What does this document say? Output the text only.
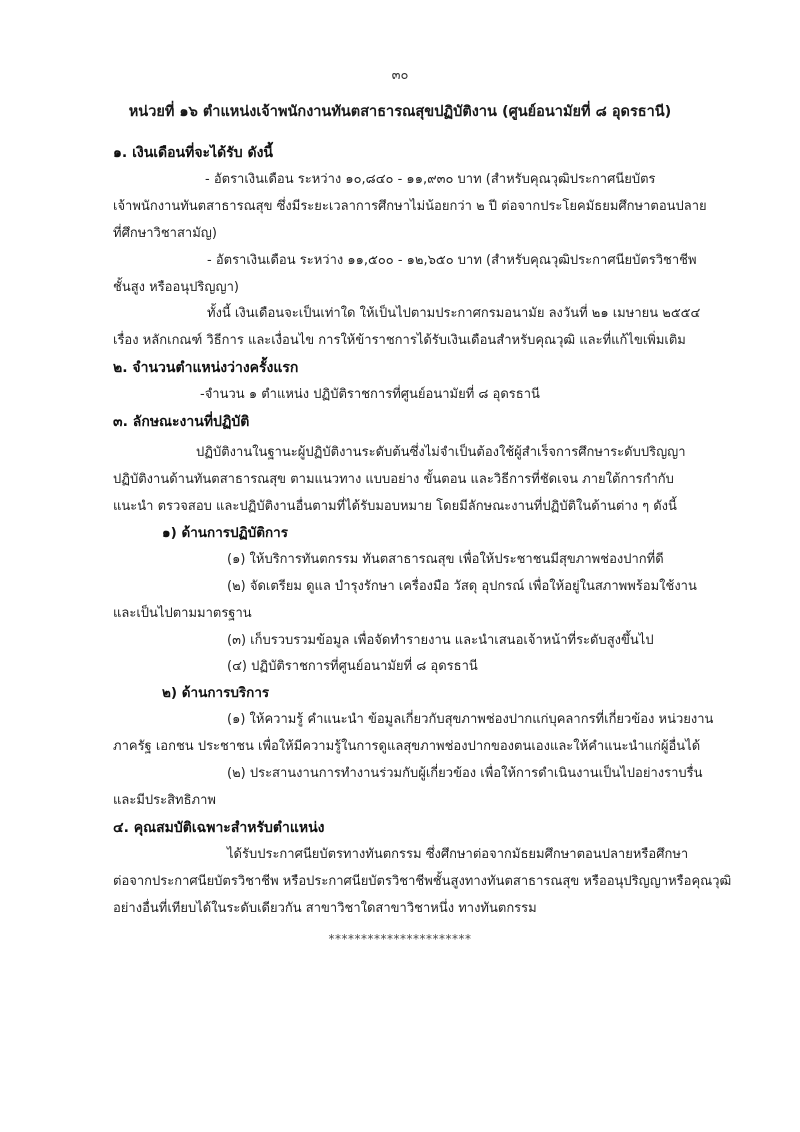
๓๐
หน่วยที่ ๑๖ ตำแหน่งเจ้าพนักงานทันตสาธารณสุขปฏิบัติงาน (ศูนย์อนามัยที่ ๘ อุดรธานี)
๑. เงินเดือนที่จะได้รับ ดังนี้
- อัตราเงินเดือน ระหว่าง ๑๐,๘๔๐ - ๑๑,๙๓๐ บาท (สำหรับคุณวุฒิประกาศนียบัตร
เจ้าพนักงานทันตสาธารณสุข ซึ่งมีระยะเวลาการศึกษาไม่น้อยกว่า ๒ ปี ต่อจากประโยคมัธยมศึกษาตอนปลาย
ที่ศึกษาวิชาสามัญ)
- อัตราเงินเดือน ระหว่าง ๑๑,๕๐๐ - ๑๒,๖๕๐ บาท (สำหรับคุณวุฒิประกาศนียบัตรวิชาชีพ
ชั้นสูง หรืออนุปริญญา)
ทั้งนี้ เงินเดือนจะเป็นเท่าใด ให้เป็นไปตามประกาศกรมอนามัย ลงวันที่ ๒๑ เมษายน ๒๕๕๔
เรื่อง หลักเกณฑ์ วิธีการ และเงื่อนไข การให้ข้าราชการได้รับเงินเดือนสำหรับคุณวุฒิ และที่แก้ไขเพิ่มเติม
๒. จำนวนตำแหน่งว่างครั้งแรก
-จำนวน ๑ ตำแหน่ง ปฏิบัติราชการที่ศูนย์อนามัยที่ ๘ อุดรธานี
๓. ลักษณะงานที่ปฏิบัติ
ปฏิบัติงานในฐานะผู้ปฏิบัติงานระดับต้นซึ่งไม่จำเป็นต้องใช้ผู้สำเร็จการศึกษาระดับปริญญา
ปฏิบัติงานด้านทันตสาธารณสุข ตามแนวทาง แบบอย่าง ขั้นตอน และวิธีการที่ชัดเจน ภายใต้การกำกับ
แนะนำ ตรวจสอบ และปฏิบัติงานอื่นตามที่ได้รับมอบหมาย โดยมีลักษณะงานที่ปฏิบัติในด้านต่าง ๆ ดังนี้
๑) ด้านการปฏิบัติการ
(๑) ให้บริการทันตกรรม ทันตสาธารณสุข เพื่อให้ประชาชนมีสุขภาพช่องปากที่ดี
(๒) จัดเตรียม ดูแล บำรุงรักษา เครื่องมือ วัสดุ อุปกรณ์ เพื่อให้อยู่ในสภาพพร้อมใช้งาน
และเป็นไปตามมาตรฐาน
(๓) เก็บรวบรวมข้อมูล เพื่อจัดทำรายงาน และนำเสนอเจ้าหน้าที่ระดับสูงขึ้นไป
(๔) ปฏิบัติราชการที่ศูนย์อนามัยที่ ๘ อุดรธานี
๒) ด้านการบริการ
(๑) ให้ความรู้ คำแนะนำ ข้อมูลเกี่ยวกับสุขภาพช่องปากแก่บุคลากรที่เกี่ยวข้อง หน่วยงาน
ภาครัฐ เอกชน ประชาชน เพื่อให้มีความรู้ในการดูแลสุขภาพช่องปากของตนเองและให้คำแนะนำแก่ผู้อื่นได้
(๒) ประสานงานการทำงานร่วมกับผู้เกี่ยวข้อง เพื่อให้การดำเนินงานเป็นไปอย่างราบรื่น
และมีประสิทธิภาพ
๔. คุณสมบัติเฉพาะสำหรับตำแหน่ง
ได้รับประกาศนียบัตรทางทันตกรรม ซึ่งศึกษาต่อจากมัธยมศึกษาตอนปลายหรือศึกษา
ต่อจากประกาศนียบัตรวิชาชีพ หรือประกาศนียบัตรวิชาชีพชั้นสูงทางทันตสาธารณสุข หรืออนุปริญญาหรือคุณวุฒิ
อย่างอื่นที่เทียบได้ในระดับเดียวกัน สาขาวิชาใดสาขาวิชาหนึ่ง ทางทันตกรรม
**********************
